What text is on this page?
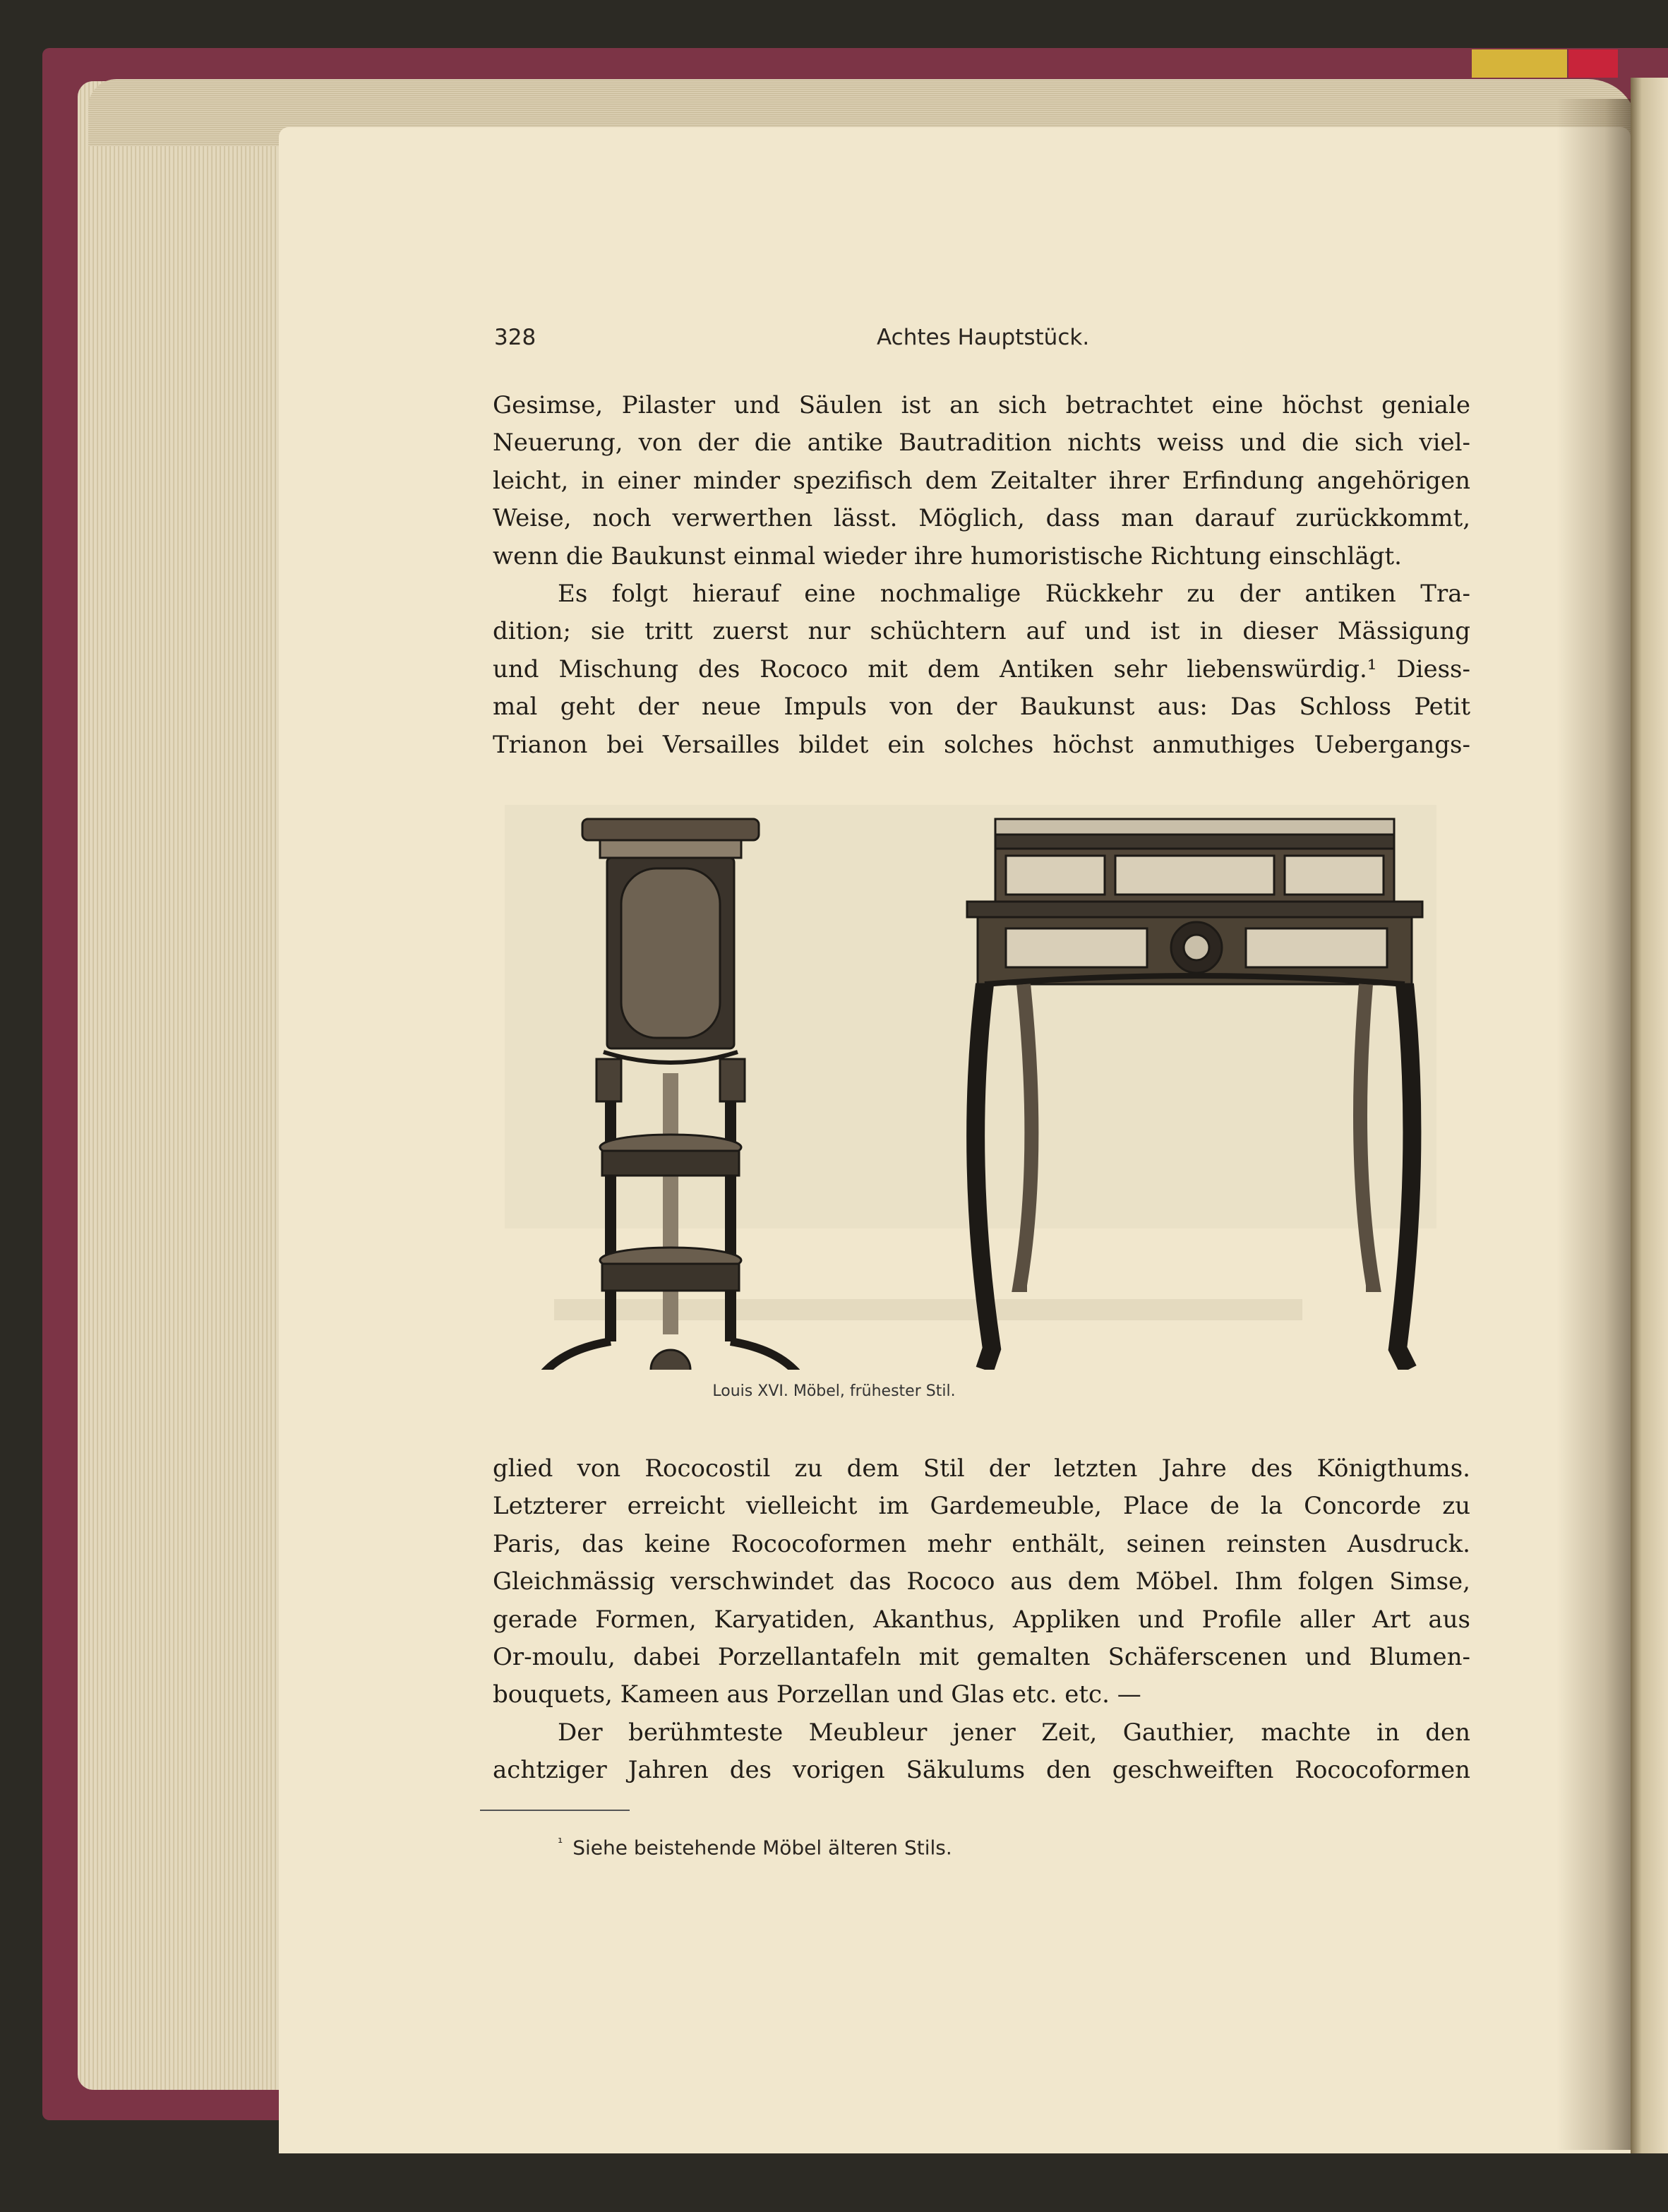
328	Achtes Hauptstück.

Gesimse, Pilaster und Säulen ist an sich betrachtet eine höchst geniale

Neuerung, von der die antike Bautradition nichts weiss und die sich viel-

leicht, in einer minder spezifisch dem Zeitalter ihrer Erfindung angehörigen

Weise, noch verwerthen lässt. Möglich, dass man darauf zurückkommt,

wenn die Baukunst einmal wieder ihre humoristische Richtung einschlägt.

Es folgt hierauf eine nochmalige Rückkehr zu der antiken Tra-

dition; sie tritt zuerst nur schüchtern auf und ist in dieser Mässigung

und Mischung des Rococo mit dem Antiken sehr liebenswürdig.¹ Diess-

mal geht der neue Impuls von der Baukunst aus: Das Schloss Petit

Trianon bei Versailles bildet ein solches höchst anmuthiges Uebergangs-

Louis XVI. Möbel, frühester Stil.

glied von Rococostil zu dem Stil der letzten Jahre des Königthums.

Letzterer erreicht vielleicht im Gardemeuble, Place de la Concorde zu

Paris, das keine Rococoformen mehr enthält, seinen reinsten Ausdruck.

Gleichmässig verschwindet das Rococo aus dem Möbel. Ihm folgen Simse,

gerade Formen, Karyatiden, Akanthus, Appliken und Profile aller Art aus

Or-moulu, dabei Porzellantafeln mit gemalten Schäferscenen und Blumen-

bouquets, Kameen aus Porzellan und Glas etc. etc. —

Der berühmteste Meubleur jener Zeit, Gauthier, machte in den

achtziger Jahren des vorigen Säkulums den geschweiften Rococoformen

$^{^1}$ Siehe beistehende Möbel älteren Stils.
